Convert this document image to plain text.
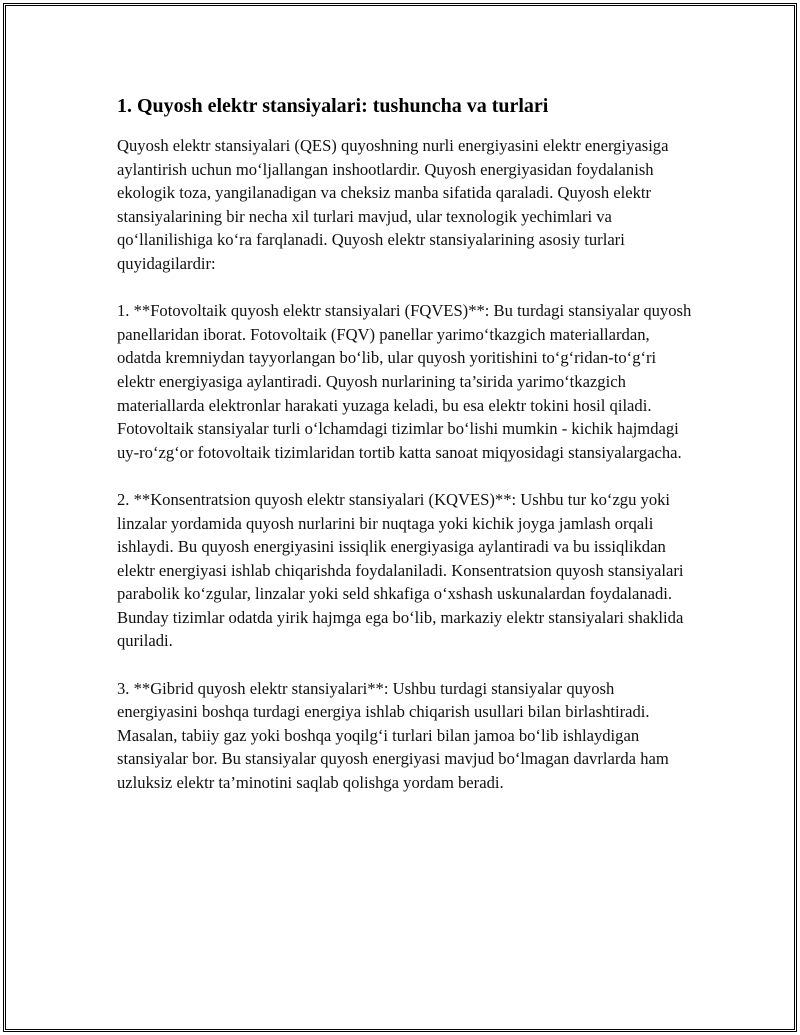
1. Quyosh elektr stansiyalari: tushuncha va turlari

Quyosh elektr stansiyalari (QES) quyoshning nurli energiyasini elektr energiyasiga aylantirish uchun mo‘ljallangan inshootlardir. Quyosh energiyasidan foydalanish ekologik toza, yangilanadigan va cheksiz manba sifatida qaraladi. Quyosh elektr stansiyalarining bir necha xil turlari mavjud, ular texnologik yechimlari va qo‘llanilishiga ko‘ra farqlanadi. Quyosh elektr stansiyalarining asosiy turlari quyidagilardir:

1. **Fotovoltaik quyosh elektr stansiyalari (FQVES)**: Bu turdagi stansiyalar quyosh panellaridan iborat. Fotovoltaik (FQV) panellar yarimo‘tkazgich materiallardan, odatda kremniydan tayyorlangan bo‘lib, ular quyosh yoritishini to‘g‘ridan-to‘g‘ri elektr energiyasiga aylantiradi. Quyosh nurlarining ta’sirida yarimo‘tkazgich materiallarda elektronlar harakati yuzaga keladi, bu esa elektr tokini hosil qiladi. Fotovoltaik stansiyalar turli o‘lchamdagi tizimlar bo‘lishi mumkin - kichik hajmdagi uy-ro‘zg‘or fotovoltaik tizimlaridan tortib katta sanoat miqyosidagi stansiyalargacha.

2. **Konsentratsion quyosh elektr stansiyalari (KQVES)**: Ushbu tur ko‘zgu yoki linzalar yordamida quyosh nurlarini bir nuqtaga yoki kichik joyga jamlash orqali ishlaydi. Bu quyosh energiyasini issiqlik energiyasiga aylantiradi va bu issiqlikdan elektr energiyasi ishlab chiqarishda foydalaniladi. Konsentratsion quyosh stansiyalari parabolik ko‘zgular, linzalar yoki seld shkafiga o‘xshash uskunalardan foydalanadi. Bunday tizimlar odatda yirik hajmga ega bo‘lib, markaziy elektr stansiyalari shaklida quriladi.

3. **Gibrid quyosh elektr stansiyalari**: Ushbu turdagi stansiyalar quyosh energiyasini boshqa turdagi energiya ishlab chiqarish usullari bilan birlashtiradi. Masalan, tabiiy gaz yoki boshqa yoqilg‘i turlari bilan jamoa bo‘lib ishlaydigan stansiyalar bor. Bu stansiyalar quyosh energiyasi mavjud bo‘lmagan davrlarda ham uzluksiz elektr ta’minotini saqlab qolishga yordam beradi.
